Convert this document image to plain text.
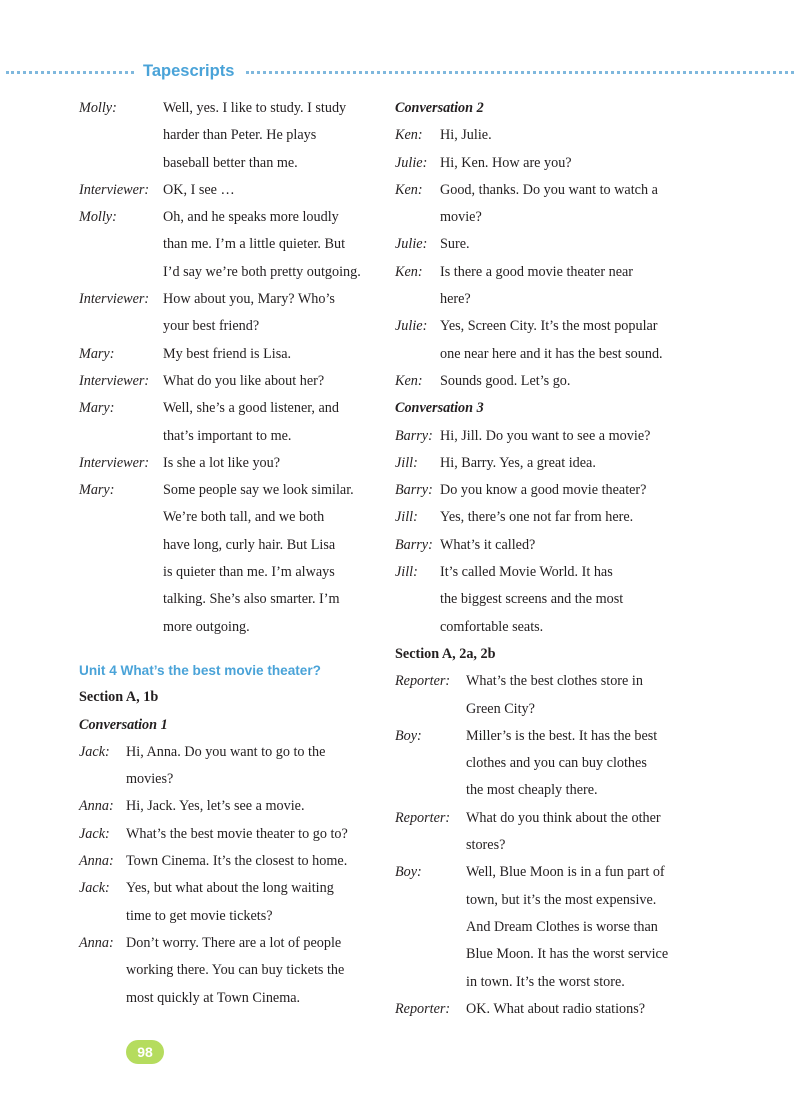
Tapescripts
Molly:	Well, yes. I like to study. I study
harder than Peter. He plays
baseball better than me.
Interviewer: OK, I see …
Molly:	Oh, and he speaks more loudly
than me. I’m a little quieter. But
I’d say we’re both pretty outgoing.
Interviewer: How about you, Mary? Who’s
your best friend?
Mary:	My best friend is Lisa.
Interviewer: What do you like about her?
Mary:	Well, she’s a good listener, and
that’s important to me.
Interviewer: Is she a lot like you?
Mary:	Some people say we look similar.
We’re both tall, and we both
have long, curly hair. But Lisa
is quieter than me. I’m always
talking. She’s also smarter. I’m
more outgoing.
Unit 4 What’s the best movie theater?
Section A, 1b
Conversation 1
Jack: Hi, Anna. Do you want to go to the
movies?
Anna: Hi, Jack. Yes, let’s see a movie.
Jack: What’s the best movie theater to go to?
Anna: Town Cinema. It’s the closest to home.
Jack: Yes, but what about the long waiting
time to get movie tickets?
Anna: Don’t worry. There are a lot of people
working there. You can buy tickets the
most quickly at Town Cinema.
Conversation 2
Ken: Hi, Julie.
Julie: Hi, Ken. How are you?
Ken: Good, thanks. Do you want to watch a
movie?
Julie: Sure.
Ken: Is there a good movie theater near
here?
Julie: Yes, Screen City. It’s the most popular
one near here and it has the best sound.
Ken: Sounds good. Let’s go.
Conversation 3
Barry: Hi, Jill. Do you want to see a movie?
Jill: Hi, Barry. Yes, a great idea.
Barry: Do you know a good movie theater?
Jill: Yes, there’s one not far from here.
Barry: What’s it called?
Jill: It’s called Movie World. It has
the biggest screens and the most
comfortable seats.
Section A, 2a, 2b
Reporter: What’s the best clothes store in
Green City?
Boy:	Miller’s is the best. It has the best
clothes and you can buy clothes
the most cheaply there.
Reporter: What do you think about the other
stores?
Boy:	Well, Blue Moon is in a fun part of
town, but it’s the most expensive.
And Dream Clothes is worse than
Blue Moon. It has the worst service
in town. It’s the worst store.
Reporter: OK. What about radio stations?
98
